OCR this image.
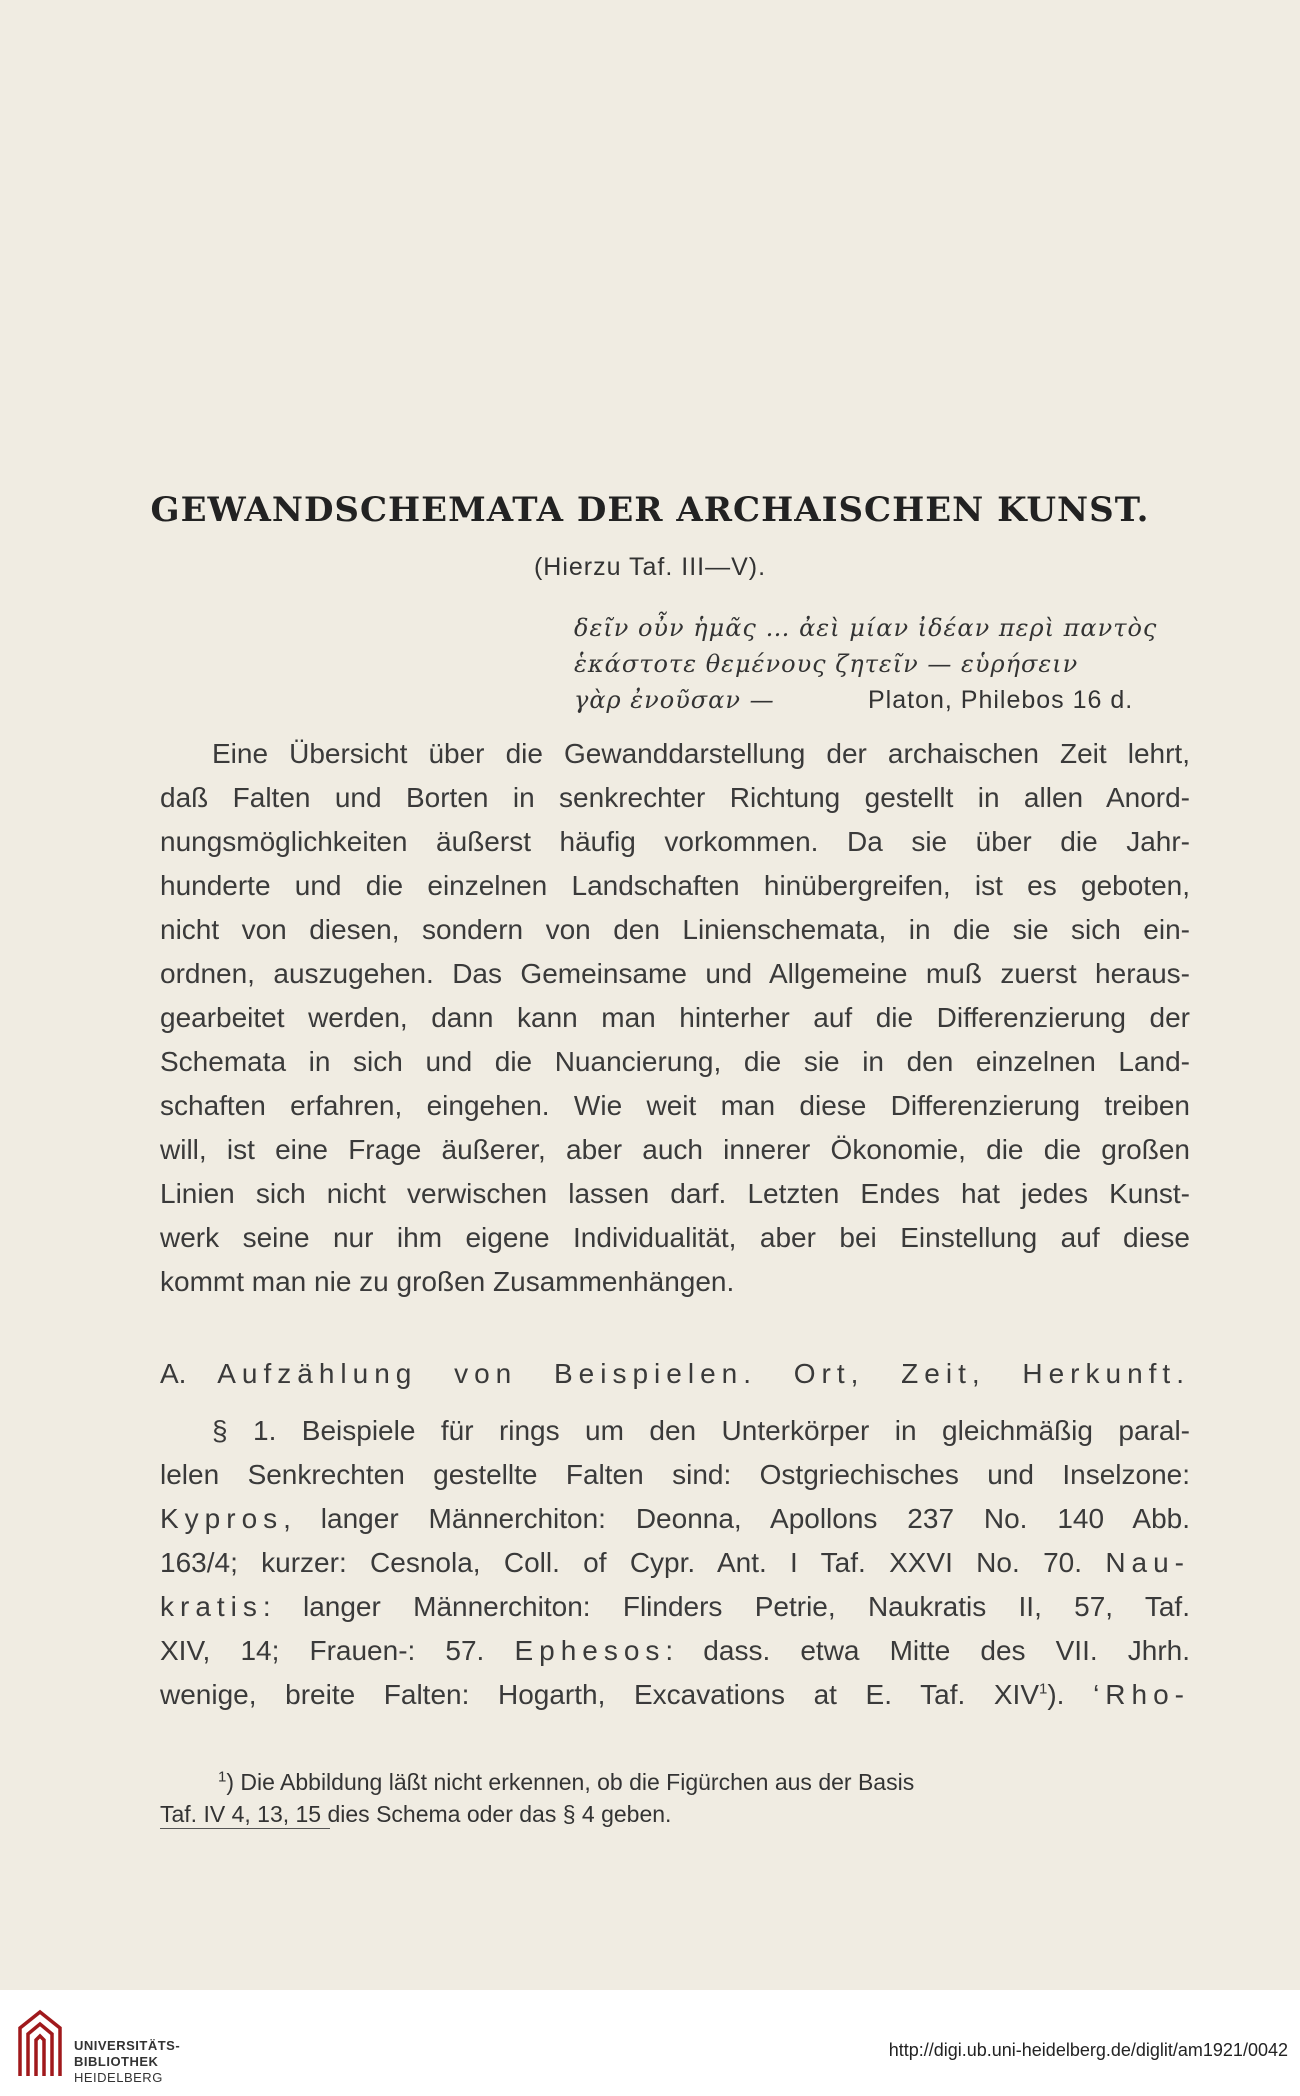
GEWANDSCHEMATA DER ARCHAISCHEN KUNST.
(Hierzu Taf. III—V).
δεῖν οὖν ἡμᾶς … ἀεὶ μίαν ἰδέαν περὶ παντὸς
ἑκάστοτε θεμένους ζητεῖν — εὑρήσειν
γὰρ ἐνοῦσαν —	Platon, Philebos 16 d.
Eine Übersicht über die Gewanddarstellung der archaischen Zeit lehrt,
daß Falten und Borten in senkrechter Richtung gestellt in allen Anord-
nungsmöglichkeiten äußerst häufig vorkommen. Da sie über die Jahr-
hunderte und die einzelnen Landschaften hinübergreifen, ist es geboten,
nicht von diesen, sondern von den Linienschemata, in die sie sich ein-
ordnen, auszugehen. Das Gemeinsame und Allgemeine muß zuerst heraus-
gearbeitet werden, dann kann man hinterher auf die Differenzierung der
Schemata in sich und die Nuancierung, die sie in den einzelnen Land-
schaften erfahren, eingehen. Wie weit man diese Differenzierung treiben
will, ist eine Frage äußerer, aber auch innerer Ökonomie, die die großen
Linien sich nicht verwischen lassen darf. Letzten Endes hat jedes Kunst-
werk seine nur ihm eigene Individualität, aber bei Einstellung auf diese
kommt man nie zu großen Zusammenhängen.
A. Aufzählung von Beispielen. Ort, Zeit, Herkunft.
§ 1. Beispiele für rings um den Unterkörper in gleichmäßig paral-
lelen Senkrechten gestellte Falten sind: Ostgriechisches und Inselzone:
Kypros, langer Männerchiton: Deonna, Apollons 237 No. 140 Abb.
163/4; kurzer: Cesnola, Coll. of Cypr. Ant. I Taf. XXVI No. 70. Nau-
kratis: langer Männerchiton: Flinders Petrie, Naukratis II, 57, Taf.
XIV, 14; Frauen-: 57. Ephesos: dass. etwa Mitte des VII. Jhrh.
wenige, breite Falten: Hogarth, Excavations at E. Taf. XIV$^1$). ‘Rho-
$^1$) Die Abbildung läßt nicht erkennen, ob die Figürchen aus der Basis
Taf. IV 4, 13, 15 dies Schema oder das § 4 geben.
UNIVERSITÄTS-
BIBLIOTHEK
HEIDELBERG
http://digi.ub.uni-heidelberg.de/diglit/am1921/0042
